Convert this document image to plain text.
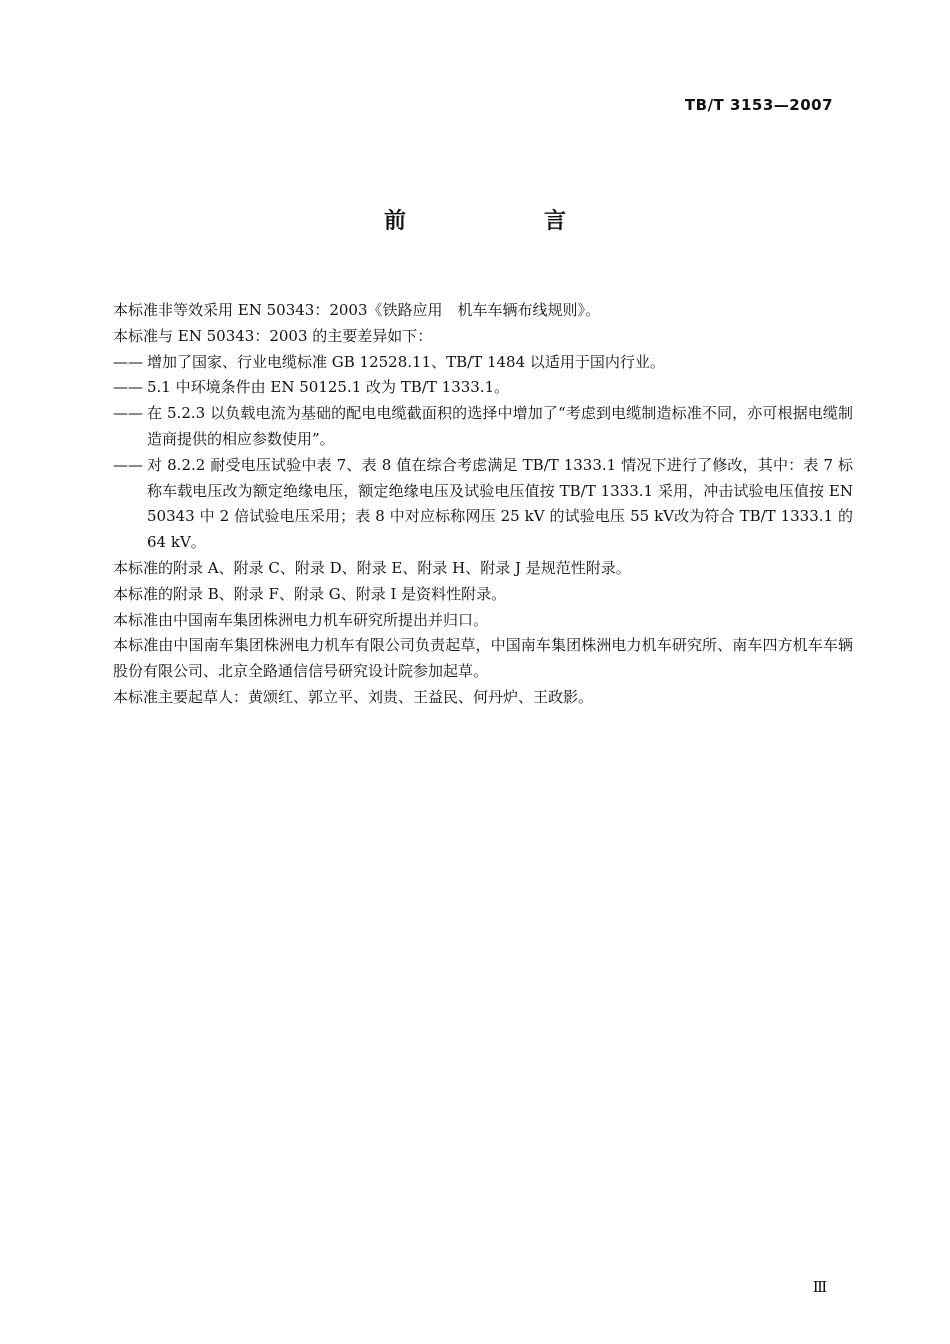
TB/T 3153—2007
前　言

本标准非等效采用 EN 50343：2003《铁路应用　机车车辆布线规则》。

本标准与 EN 50343：2003 的主要差异如下：

—— 增加了国家、行业电缆标准 GB 12528.11、TB/T 1484 以适用于国内行业。
—— 5.1 中环境条件由 EN 50125.1 改为 TB/T 1333.1。
—— 在 5.2.3 以负载电流为基础的配电电缆截面积的选择中增加了“考虑到电缆制造标准不同，亦可根据电缆制造商提供的相应参数使用”。
—— 对 8.2.2 耐受电压试验中表 7、表 8 值在综合考虑满足 TB/T 1333.1 情况下进行了修改，其中：表 7 标称车载电压改为额定绝缘电压，额定绝缘电压及试验电压值按 TB/T 1333.1 采用，冲击试验电压值按 EN 50343 中 2 倍试验电压采用；表 8 中对应标称网压 25 kV 的试验电压 55 kV改为符合 TB/T 1333.1 的 64 kV。

本标准的附录 A、附录 C、附录 D、附录 E、附录 H、附录 J 是规范性附录。

本标准的附录 B、附录 F、附录 G、附录 I 是资料性附录。

本标准由中国南车集团株洲电力机车研究所提出并归口。

本标准由中国南车集团株洲电力机车有限公司负责起草，中国南车集团株洲电力机车研究所、南车四方机车车辆股份有限公司、北京全路通信信号研究设计院参加起草。

本标准主要起草人：黄颂红、郭立平、刘贵、王益民、何丹炉、王政影。

Ⅲ
